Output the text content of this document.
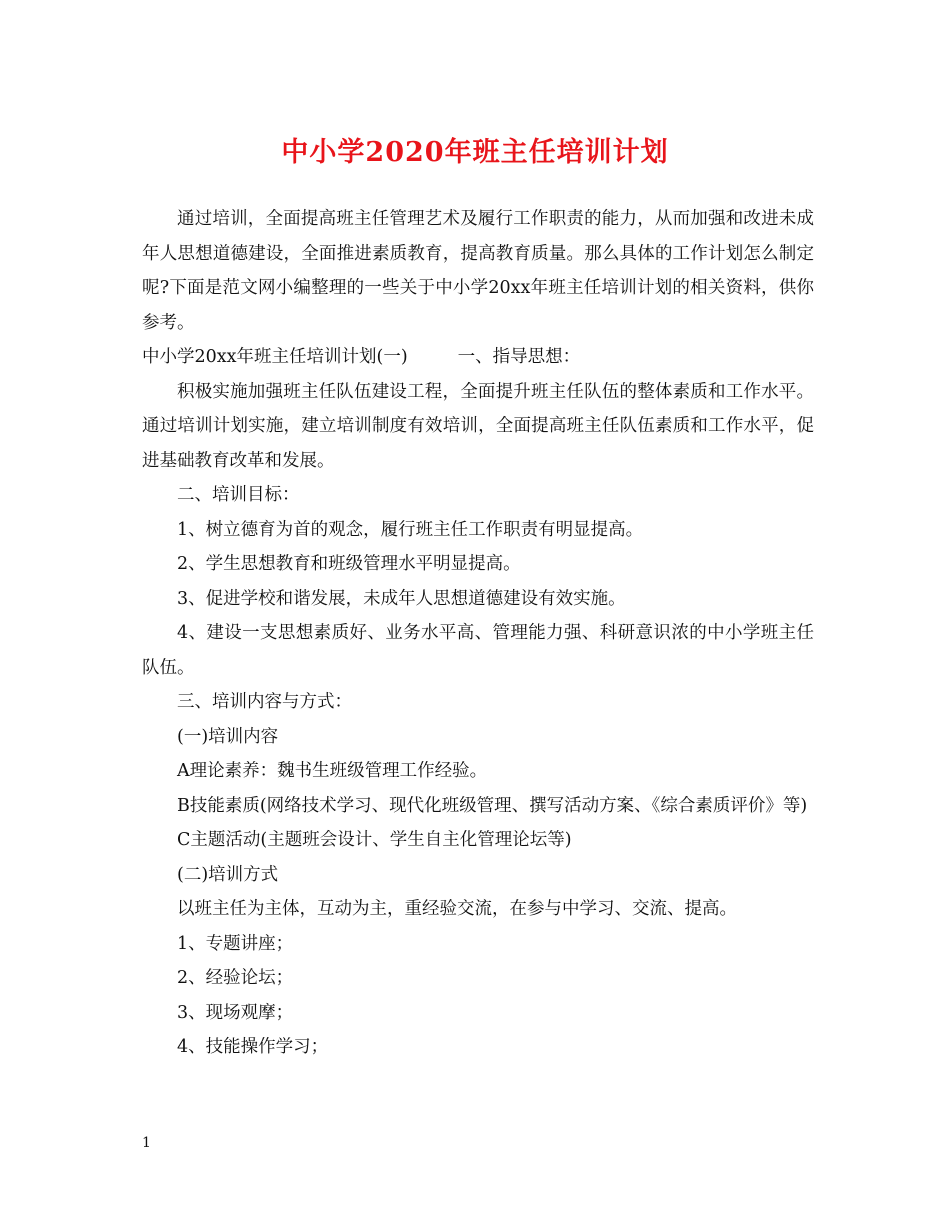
中小学2020年班主任培训计划

通过培训，全面提高班主任管理艺术及履行工作职责的能力，从而加强和改进未成年人思想道德建设，全面推进素质教育，提高教育质量。那么具体的工作计划怎么制定呢?下面是范文网小编整理的一些关于中小学20xx年班主任培训计划的相关资料，供你参考。

中小学20xx年班主任培训计划(一)	一、指导思想：

积极实施加强班主任队伍建设工程，全面提升班主任队伍的整体素质和工作水平。通过培训计划实施，建立培训制度有效培训，全面提高班主任队伍素质和工作水平，促进基础教育改革和发展。

二、培训目标：

1、树立德育为首的观念，履行班主任工作职责有明显提高。

2、学生思想教育和班级管理水平明显提高。

3、促进学校和谐发展，未成年人思想道德建设有效实施。

4、建设一支思想素质好、业务水平高、管理能力强、科研意识浓的中小学班主任队伍。

三、培训内容与方式：

(一)培训内容

A理论素养：魏书生班级管理工作经验。

B技能素质(网络技术学习、现代化班级管理、撰写活动方案、《综合素质评价》等)

C主题活动(主题班会设计、学生自主化管理论坛等)

(二)培训方式

以班主任为主体，互动为主，重经验交流，在参与中学习、交流、提高。

1、专题讲座；

2、经验论坛；

3、现场观摩；

4、技能操作学习；

1
